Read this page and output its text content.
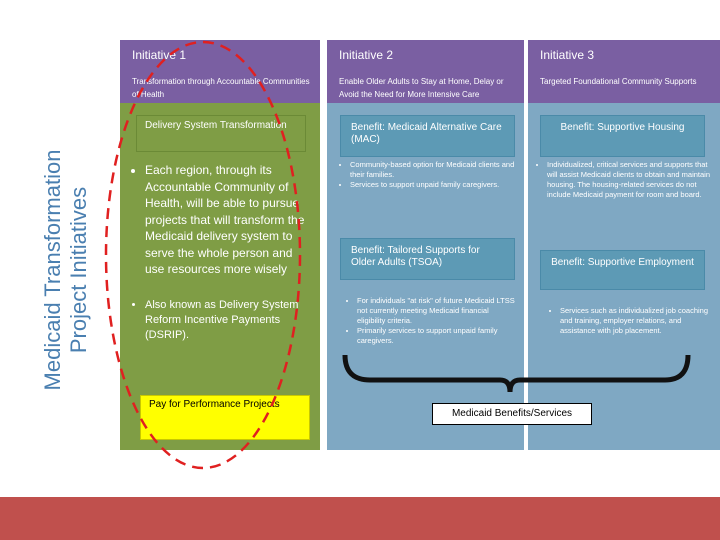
Medicaid Transformation Project Initiatives
Initiative 1
Transformation through Accountable Communities of Health
Initiative 2
Enable Older Adults to Stay at Home, Delay or Avoid the Need for More Intensive Care
Initiative 3
Targeted Foundational Community Supports
Delivery System Transformation
• Each region, through its Accountable Community of Health, will be able to pursue projects that will transform the Medicaid delivery system to serve the whole person and use resources more wisely
• Also known as Delivery System Reform Incentive Payments (DSRIP).
Pay for Performance Projects
Benefit: Medicaid Alternative Care (MAC)
• Community-based option for Medicaid clients and their families.
• Services to support unpaid family caregivers.
Benefit: Tailored Supports for Older Adults (TSOA)
• For individuals "at risk" of future Medicaid LTSS not currently meeting Medicaid financial eligibility criteria.
• Primarily services to support unpaid family caregivers.
Benefit: Supportive Housing
• Individualized, critical services and supports that will assist Medicaid clients to obtain and maintain housing. The housing-related services do not include Medicaid payment for room and board.
Benefit: Supportive Employment
• Services such as individualized job coaching and training, employer relations, and assistance with job placement.
Medicaid Benefits/Services
9
